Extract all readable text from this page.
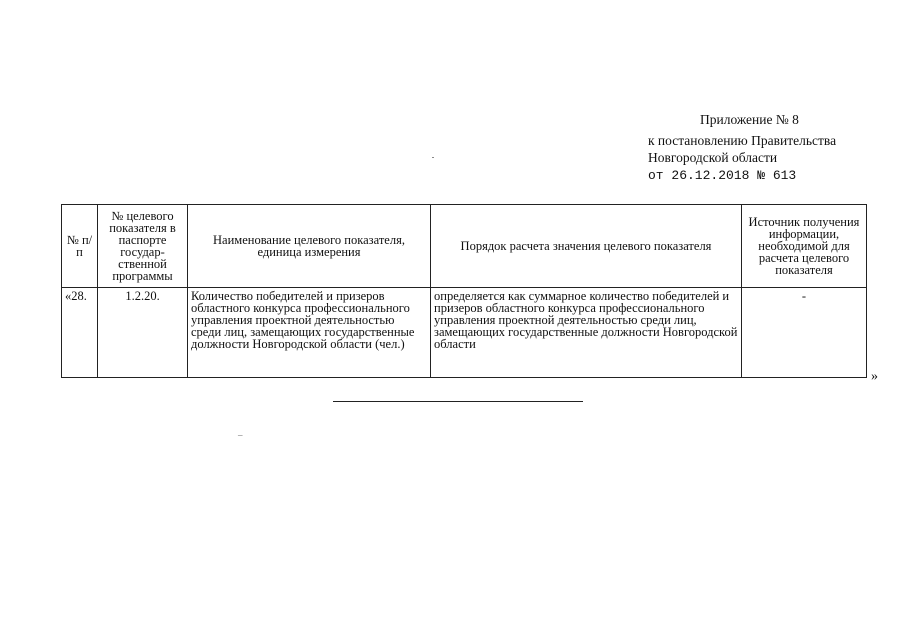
Приложение № 8
к постановлению Правительства
Новгородской области
от 26.12.2018 № 613
№ п/п	№ целевого показателя в паспорте государ-ственной программы	Наименование целевого показателя, единица измерения	Порядок расчета значения целевого показателя	Источник получения информации, необходимой для расчета целевого показателя
«28.	1.2.20.	Количество победителей и призеров областного конкурса профессионального управления проектной деятельностью среди лиц, замещающих государственные должности Новгородской области (чел.)	определяется как суммарное количество победителей и призеров областного конкурса профессионального управления проектной деятельностью среди лиц, замещающих государственные должности Новгородской области	-
»
¯
